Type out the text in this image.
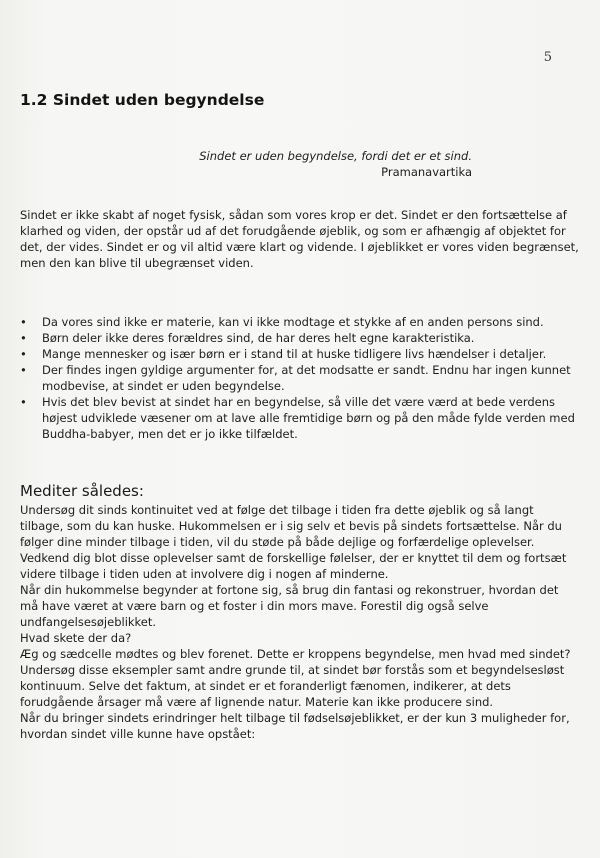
5
1.2 Sindet uden begyndelse
Sindet er uden begyndelse, fordi det er et sind.
Pramanavartika

Sindet er ikke skabt af noget fysisk, sådan som vores krop er det. Sindet er den fortsættelse af klarhed og viden, der opstår ud af det forudgående øjeblik, og som er afhængig af objektet for det, der vides. Sindet er og vil altid være klart og vidende. I øjeblikket er vores viden begrænset, men den kan blive til ubegrænset viden.

• Da vores sind ikke er materie, kan vi ikke modtage et stykke af en anden persons sind.
• Børn deler ikke deres forældres sind, de har deres helt egne karakteristika.
• Mange mennesker og især børn er i stand til at huske tidligere livs hændelser i detaljer.
• Der findes ingen gyldige argumenter for, at det modsatte er sandt. Endnu har ingen kunnet modbevise, at sindet er uden begyndelse.
• Hvis det blev bevist at sindet har en begyndelse, så ville det være værd at bede verdens højest udviklede væsener om at lave alle fremtidige børn og på den måde fylde verden med Buddha-babyer, men det er jo ikke tilfældet.
Mediter således:

Undersøg dit sinds kontinuitet ved at følge det tilbage i tiden fra dette øjeblik og så langt tilbage, som du kan huske. Hukommelsen er i sig selv et bevis på sindets fortsættelse. Når du følger dine minder tilbage i tiden, vil du støde på både dejlige og forfærdelige oplevelser. Vedkend dig blot disse oplevelser samt de forskellige følelser, der er knyttet til dem og fortsæt videre tilbage i tiden uden at involvere dig i nogen af minderne.

Når din hukommelse begynder at fortone sig, så brug din fantasi og rekonstruer, hvordan det må have været at være barn og et foster i din mors mave. Forestil dig også selve undfangelsesøjeblikket.

Hvad skete der da?

Æg og sædcelle mødtes og blev forenet. Dette er kroppens begyndelse, men hvad med sindet?

Undersøg disse eksempler samt andre grunde til, at sindet bør forstås som et begyndelsesløst kontinuum. Selve det faktum, at sindet er et foranderligt fænomen, indikerer, at dets forudgående årsager må være af lignende natur. Materie kan ikke producere sind.

Når du bringer sindets erindringer helt tilbage til fødselsøjeblikket, er der kun 3 muligheder for, hvordan sindet ville kunne have opstået:
